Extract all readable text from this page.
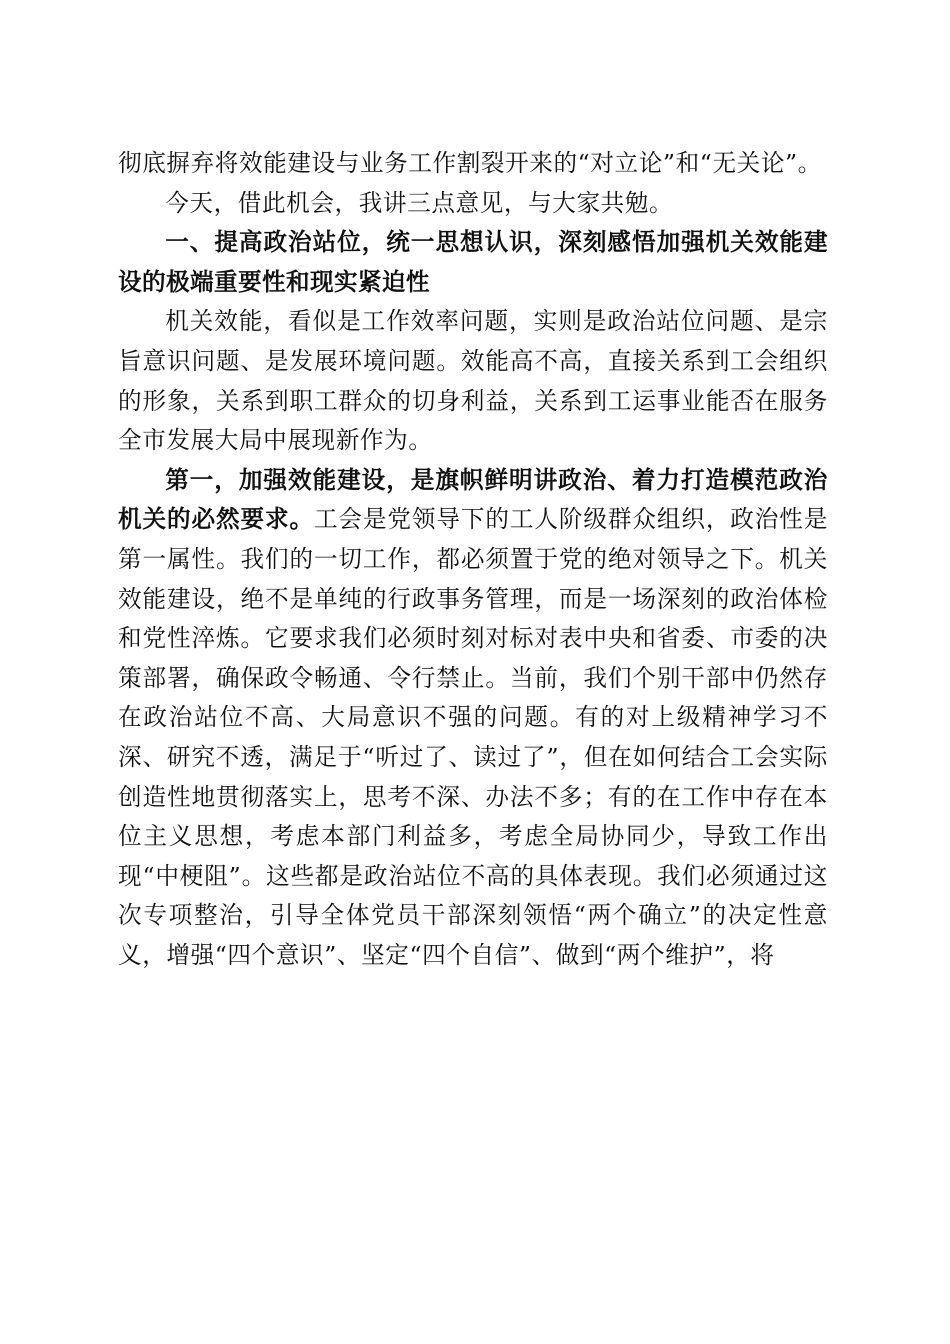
彻底摒弃将效能建设与业务工作割裂开来的“对立论”和“无关论”。

今天，借此机会，我讲三点意见，与大家共勉。

一、提高政治站位，统一思想认识，深刻感悟加强机关效能建设的极端重要性和现实紧迫性

机关效能，看似是工作效率问题，实则是政治站位问题、是宗旨意识问题、是发展环境问题。效能高不高，直接关系到工会组织的形象，关系到职工群众的切身利益，关系到工运事业能否在服务全市发展大局中展现新作为。

第一，加强效能建设，是旗帜鲜明讲政治、着力打造模范政治机关的必然要求。工会是党领导下的工人阶级群众组织，政治性是第一属性。我们的一切工作，都必须置于党的绝对领导之下。机关效能建设，绝不是单纯的行政事务管理，而是一场深刻的政治体检和党性淬炼。它要求我们必须时刻对标对表中央和省委、市委的决策部署，确保政令畅通、令行禁止。当前，我们个别干部中仍然存在政治站位不高、大局意识不强的问题。有的对上级精神学习不深、研究不透，满足于“听过了、读过了”，但在如何结合工会实际创造性地贯彻落实上，思考不深、办法不多；有的在工作中存在本位主义思想，考虑本部门利益多，考虑全局协同少，导致工作出现“中梗阻”。这些都是政治站位不高的具体表现。我们必须通过这次专项整治，引导全体党员干部深刻领悟“两个确立”的决定性意义，增强“四个意识”、坚定“四个自信”、做到“两个维护”，将
